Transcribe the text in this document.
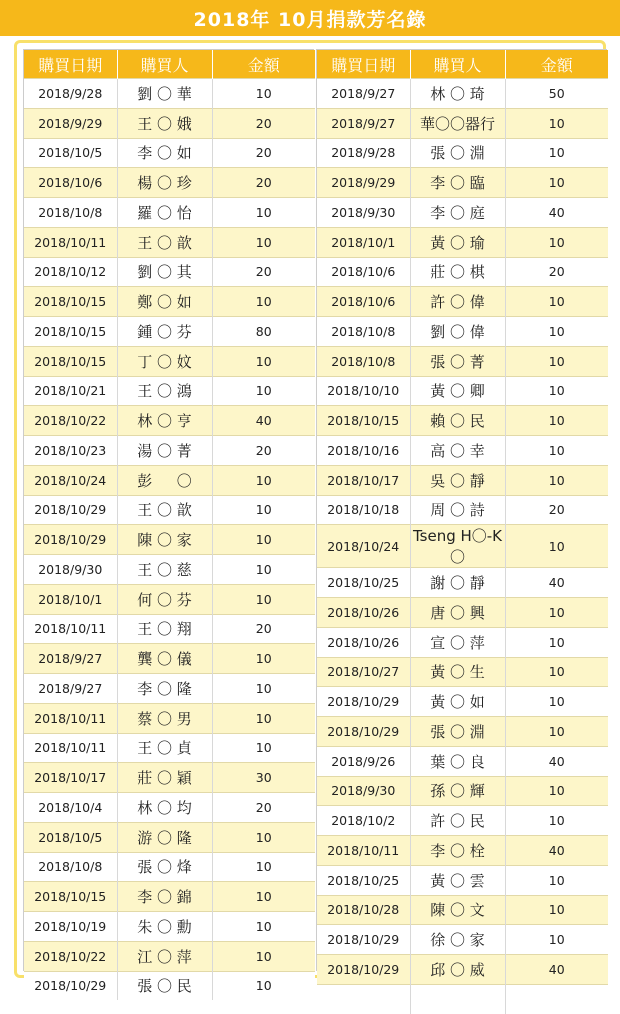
2018年 10月捐款芳名錄
購買日期	購買人	金額
2018/9/28	劉 〇 華	10
2018/9/29	王 〇 娥	20
2018/10/5	李 〇 如	20
2018/10/6	楊 〇 珍	20
2018/10/8	羅 〇 怡	10
2018/10/11	王 〇 歆	10
2018/10/12	劉 〇 其	20
2018/10/15	鄭 〇 如	10
2018/10/15	鍾 〇 芬	80
2018/10/15	丁 〇 妏	10
2018/10/21	王 〇 鴻	10
2018/10/22	林 〇 亨	40
2018/10/23	湯 〇 菁	20
2018/10/24	彭 　 〇	10
2018/10/29	王 〇 歆	10
2018/10/29	陳 〇 家	10
2018/9/30	王 〇 慈	10
2018/10/1	何 〇 芬	10
2018/10/11	王 〇 翔	20
2018/9/27	龔 〇 儀	10
2018/9/27	李 〇 隆	10
2018/10/11	蔡 〇 男	10
2018/10/11	王 〇 貞	10
2018/10/17	莊 〇 穎	30
2018/10/4	林 〇 均	20
2018/10/5	游 〇 隆	10
2018/10/8	張 〇 烽	10
2018/10/15	李 〇 錦	10
2018/10/19	朱 〇 勳	10
2018/10/22	江 〇 萍	10
2018/10/29	張 〇 民	10
購買日期	購買人	金額
2018/9/27	林 〇 琦	50
2018/9/27	華〇〇器行	10
2018/9/28	張 〇 淵	10
2018/9/29	李 〇 臨	10
2018/9/30	李 〇 庭	40
2018/10/1	黃 〇 瑜	10
2018/10/6	莊 〇 棋	20
2018/10/6	許 〇 偉	10
2018/10/8	劉 〇 偉	10
2018/10/8	張 〇 菁	10
2018/10/10	黃 〇 卿	10
2018/10/15	賴 〇 民	10
2018/10/16	高 〇 幸	10
2018/10/17	吳 〇 靜	10
2018/10/18	周 〇 詩	20
2018/10/24	Tseng H〇-K〇	10
2018/10/25	謝 〇 靜	40
2018/10/26	唐 〇 興	10
2018/10/26	宣 〇 萍	10
2018/10/27	黃 〇 生	10
2018/10/29	黃 〇 如	10
2018/10/29	張 〇 淵	10
2018/9/26	葉 〇 良	40
2018/9/30	孫 〇 輝	10
2018/10/2	許 〇 民	10
2018/10/11	李 〇 栓	40
2018/10/25	黃 〇 雲	10
2018/10/28	陳 〇 文	10
2018/10/29	徐 〇 家	10
2018/10/29	邱 〇 威	40
